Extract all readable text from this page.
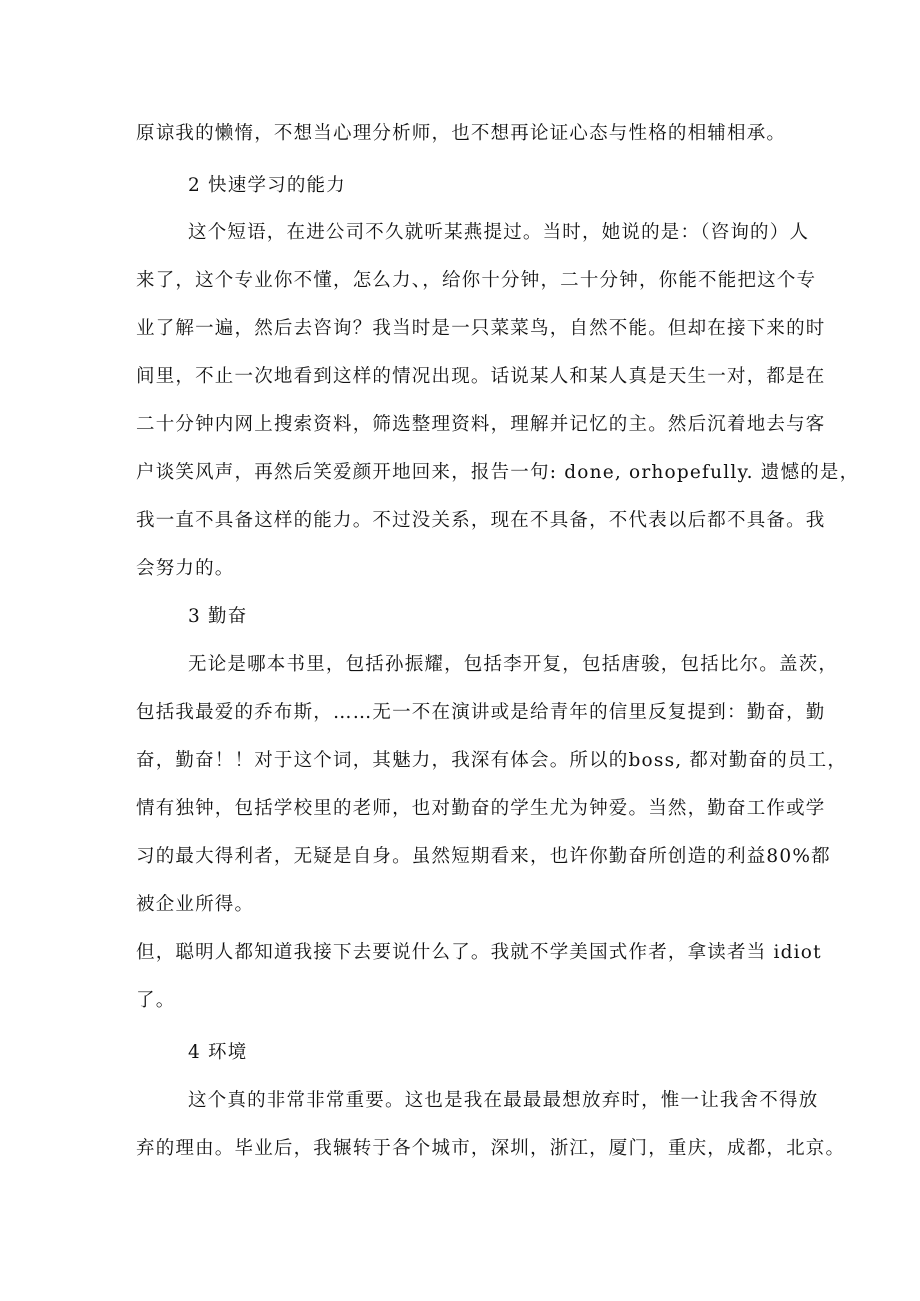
原谅我的懒惰，不想当心理分析师，也不想再论证心态与性格的相辅相承。
2 快速学习的能力
这个短语，在进公司不久就听某燕提过。当时，她说的是：（咨询的）人
来了，这个专业你不懂，怎么力、，给你十分钟，二十分钟，你能不能把这个专
业了解一遍，然后去咨询？我当时是一只菜菜鸟，自然不能。但却在接下来的时
间里，不止一次地看到这样的情况出现。话说某人和某人真是天生一对，都是在
二十分钟内网上搜索资料，筛选整理资料，理解并记忆的主。然后沉着地去与客
户谈笑风声，再然后笑爱颜开地回来，报告一句: done, orhopefully. 遗憾的是，
我一直不具备这样的能力。不过没关系，现在不具备，不代表以后都不具备。我
会努力的。
3 勤奋
无论是哪本书里，包括孙振耀，包括李开复，包括唐骏，包括比尔。盖茨，
包括我最爱的乔布斯，……无一不在演讲或是给青年的信里反复提到：勤奋，勤
奋，勤奋！！对于这个词，其魅力，我深有体会。所以的boss, 都对勤奋的员工，
情有独钟，包括学校里的老师，也对勤奋的学生尤为钟爱。当然，勤奋工作或学
习的最大得利者，无疑是自身。虽然短期看来，也许你勤奋所创造的利益80%都
被企业所得。
但，聪明人都知道我接下去要说什么了。我就不学美国式作者，拿读者当 idiot
了。
4 环境
这个真的非常非常重要。这也是我在最最最想放弃时，惟一让我舍不得放
弃的理由。毕业后，我辗转于各个城市，深圳，浙江，厦门，重庆，成都，北京。
